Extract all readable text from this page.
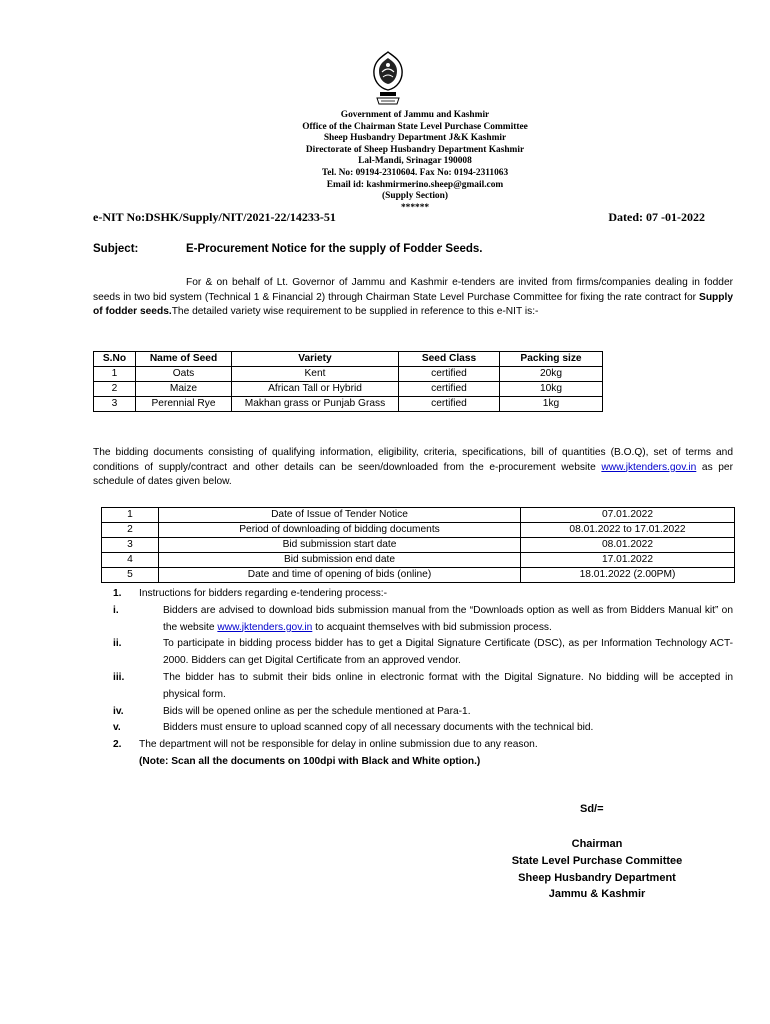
Government of Jammu and Kashmir
Office of the Chairman State Level Purchase Committee
Sheep Husbandry Department J&K Kashmir
Directorate of Sheep Husbandry Department Kashmir
Lal-Mandi, Srinagar 190008
Tel. No: 09194-2310604. Fax No: 0194-2311063
Email id: kashmirmerino.sheep@gmail.com
(Supply Section)
******
e-NIT No:DSHK/Supply/NIT/2021-22/14233-51	Dated: 07 -01-2022
Subject:	E-Procurement Notice for the supply of Fodder Seeds.
For & on behalf of Lt. Governor of Jammu and Kashmir e-tenders are invited from firms/companies dealing in fodder seeds in two bid system (Technical 1 & Financial 2) through Chairman State Level Purchase Committee for fixing the rate contract for Supply of fodder seeds.The detailed variety wise requirement to be supplied in reference to this e-NIT is:-
S.No	Name of Seed	Variety	Seed Class	Packing size
1	Oats	Kent	certified	20kg
2	Maize	African Tall or Hybrid	certified	10kg
3	Perennial Rye	Makhan grass or Punjab Grass	certified	1kg
The bidding documents consisting of qualifying information, eligibility, criteria, specifications, bill of quantities (B.O.Q), set of terms and conditions of supply/contract and other details can be seen/downloaded from the e-procurement website www.jktenders.gov.in as per schedule of dates given below.
1	Date of Issue of Tender Notice	07.01.2022
2	Period of downloading of bidding documents	08.01.2022 to 17.01.2022
3	Bid submission start date	08.01.2022
4	Bid submission end date	17.01.2022
5	Date and time of opening of bids (online)	18.01.2022 (2.00PM)
1. Instructions for bidders regarding e-tendering process:-
i.	Bidders are advised to download bids submission manual from the “Downloads option as well as from Bidders Manual kit” on the website www.jktenders.gov.in to acquaint themselves with bid submission process.
ii.	To participate in bidding process bidder has to get a Digital Signature Certificate (DSC), as per Information Technology ACT-2000. Bidders can get Digital Certificate from an approved vendor.
iii.	The bidder has to submit their bids online in electronic format with the Digital Signature. No bidding will be accepted in physical form.
iv.	Bids will be opened online as per the schedule mentioned at Para-1.
v.	Bidders must ensure to upload scanned copy of all necessary documents with the technical bid.
2. The department will not be responsible for delay in online submission due to any reason.
(Note: Scan all the documents on 100dpi with Black and White option.)
Sd/=
Chairman
State Level Purchase Committee
Sheep Husbandry Department
Jammu & Kashmir
